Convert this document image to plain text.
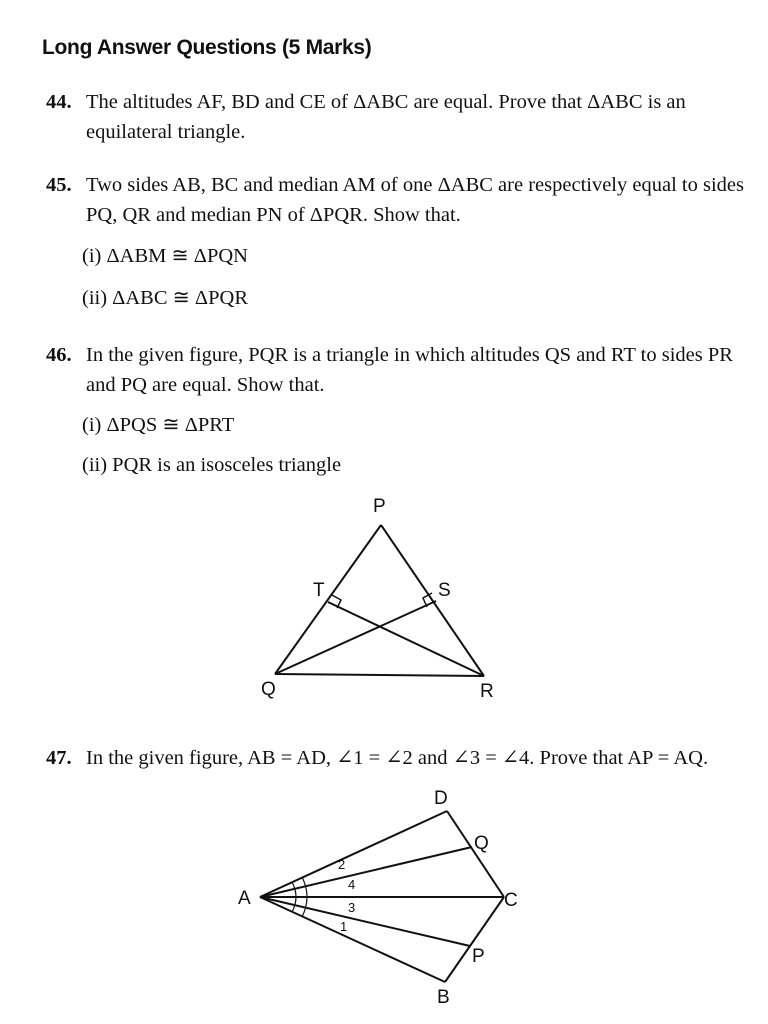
Long Answer Questions (5 Marks)
44. The altitudes AF, BD and CE of ΔABC are equal. Prove that ΔABC is an
equilateral triangle.
45. Two sides AB, BC and median AM of one ΔABC are respectively equal to sides
PQ, QR and median PN of ΔPQR. Show that.
(i) ΔABM ≅ ΔPQN
(ii) ΔABC ≅ ΔPQR
46. In the given figure, PQR is a triangle in which altitudes QS and RT to sides PR
and PQ are equal. Show that.
(i) ΔPQS ≅ ΔPRT
(ii) PQR is an isosceles triangle
P
T	S
Q	R
D
Q
A	C
P
B
2
4
3
1
47. In the given figure, AB = AD, ∠1 = ∠2 and ∠3 = ∠4. Prove that AP = AQ.
